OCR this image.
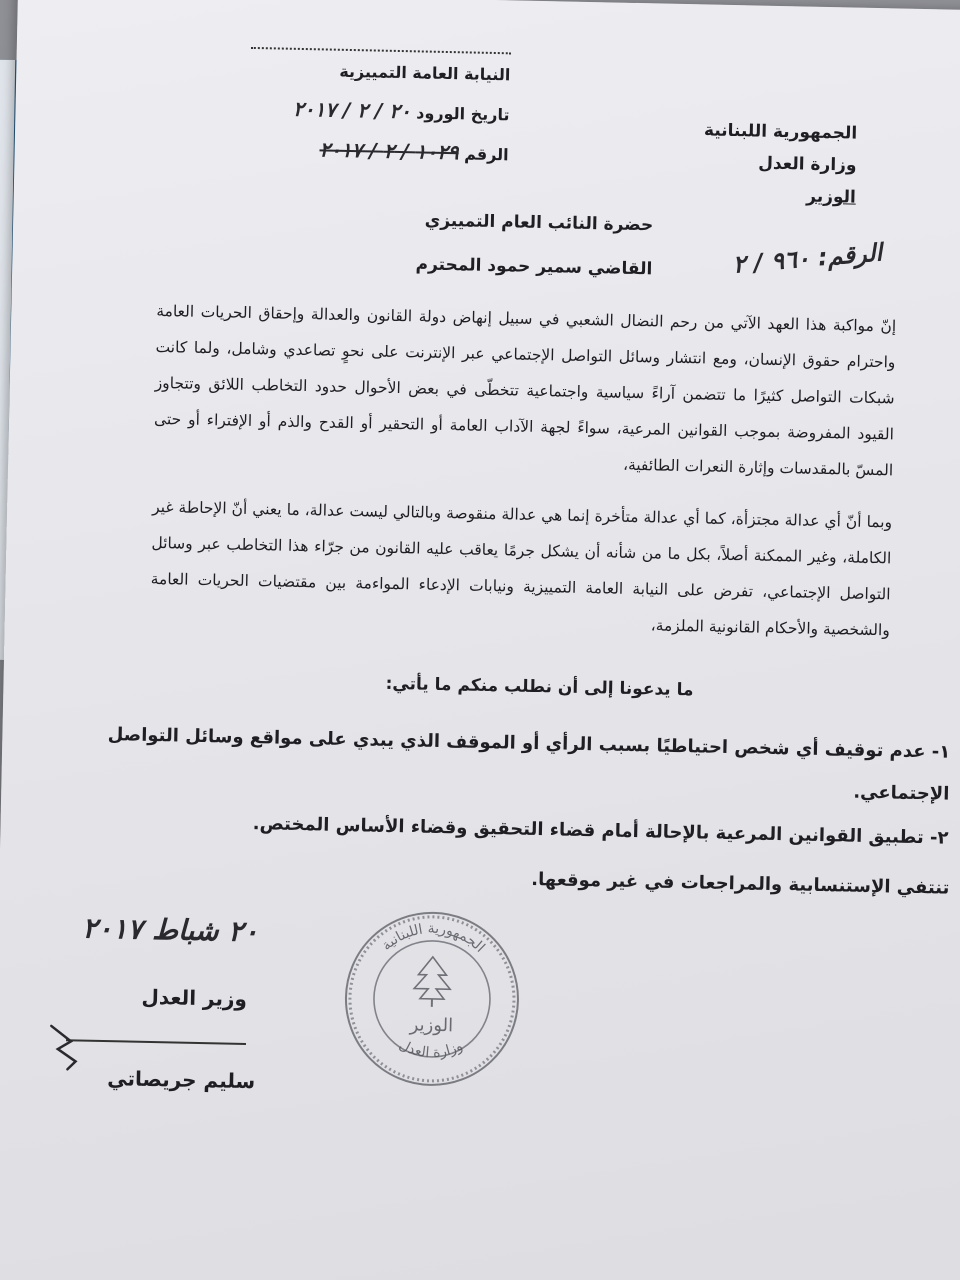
النيابة العامة التمييزية
تاريخ الورود ٢٠ / ٢ / ٢٠١٧
الرقم ١٠٢٩ / ٢ / ٢٠١٧
الجمهورية اللبنانية
وزارة العدل
الوزير
الرقم: ٩٦٠ / ٢
حضرة النائب العام التمييزي
القاضي سمير حمود المحترم
إنّ مواكبة هذا العهد الآتي من رحم النضال الشعبي في سبيل إنهاض دولة القانون والعدالة وإحقاق الحريات العامة واحترام حقوق الإنسان، ومع انتشار وسائل التواصل الإجتماعي عبر الإنترنت على نحوٍ تصاعدي وشامل، ولما كانت شبكات التواصل كثيرًا ما تتضمن آراءً سياسية واجتماعية تتخطّى في بعض الأحوال حدود التخاطب اللائق وتتجاوز القيود المفروضة بموجب القوانين المرعية، سواءً لجهة الآداب العامة أو التحقير أو القدح والذم أو الإفتراء أو حتى المسّ بالمقدسات وإثارة النعرات الطائفية،
وبما أنّ أي عدالة مجتزأة، كما أي عدالة متأخرة إنما هي عدالة منقوصة وبالتالي ليست عدالة، ما يعني أنّ الإحاطة غير الكاملة، وغير الممكنة أصلاً، بكل ما من شأنه أن يشكل جرمًا يعاقب عليه القانون من جرّاء هذا التخاطب عبر وسائل التواصل الإجتماعي، تفرض على النيابة العامة التمييزية ونيابات الإدعاء المواءمة بين مقتضيات الحريات العامة والشخصية والأحكام القانونية الملزمة،
ما يدعونا إلى أن نطلب منكم ما يأتي:
١- عدم توقيف أي شخص احتياطيًا بسبب الرأي أو الموقف الذي يبدي على مواقع وسائل التواصل الإجتماعي.
٢- تطبيق القوانين المرعية بالإحالة أمام قضاء التحقيق وقضاء الأساس المختص.
تنتفي الإستنسابية والمراجعات في غير موقعها.
٢٠ شباط ٢٠١٧
وزير العدل
سليم جريصاتي
الجمهورية اللبنانية
وزارة العدل
الوزير
